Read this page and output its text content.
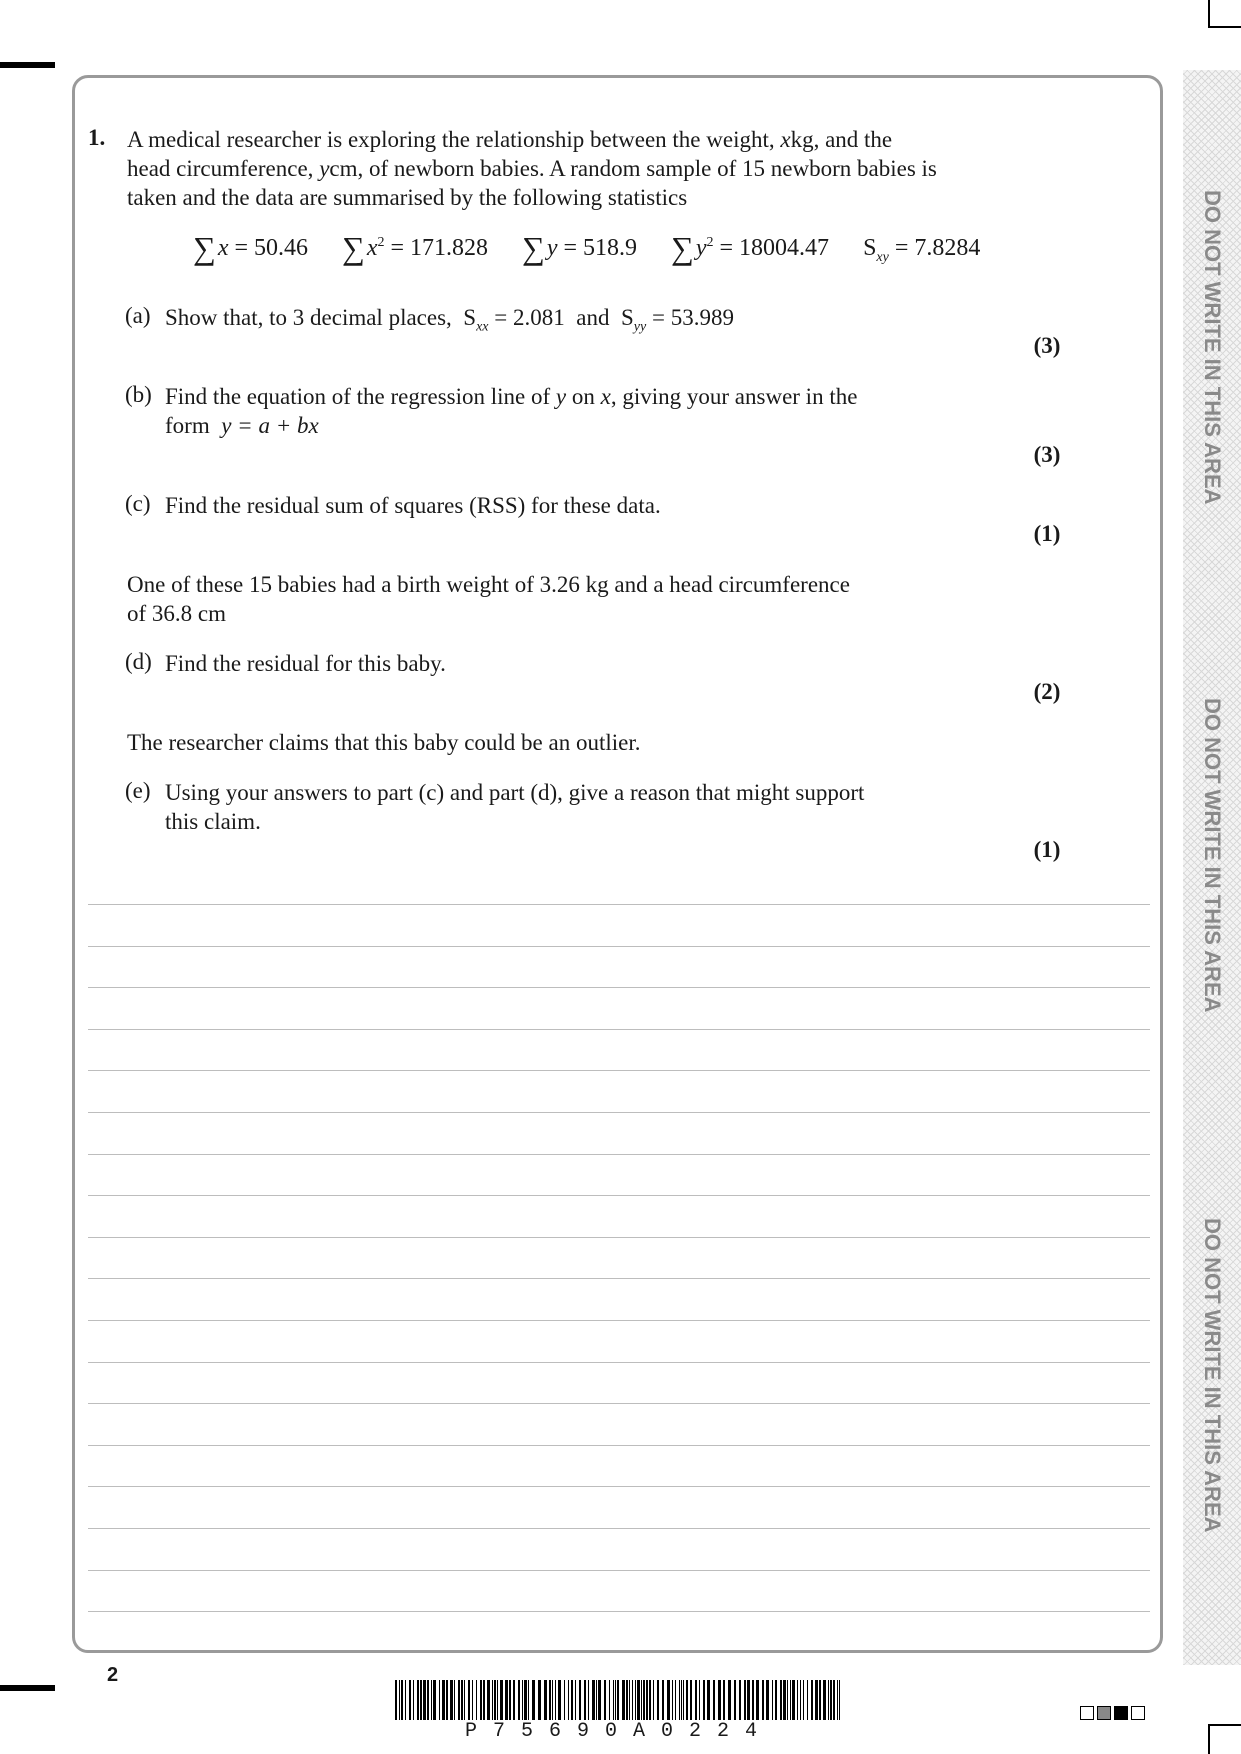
DO NOT WRITE IN THIS AREA
DO NOT WRITE IN THIS AREA
DO NOT WRITE IN THIS AREA
1. A medical researcher is exploring the relationship between the weight, xkg, and the
head circumference, ycm, of newborn babies. A random sample of 15 newborn babies is
taken and the data are summarised by the following statistics
∑x = 50.46 $\sum x^2 = 171.828$ ∑y = 518.9 $\sum y^2 = 18004.47$ $S_{xy} = 7.8284$
(a) Show that, to 3 decimal places,  $S_{xx} = 2.081$ and  $S_{yy} = 53.989$
(3)
(b) Find the equation of the regression line of y on x, giving your answer in the
form y = a + bx
(3)
(c) Find the residual sum of squares (RSS) for these data.
(1)
One of these 15 babies had a birth weight of 3.26 kg and a head circumference
of 36.8 cm
(d) Find the residual for this baby.
(2)
The researcher claims that this baby could be an outlier.
(e) Using your answers to part (c) and part (d), give a reason that might support
this claim.
(1)
2
P75690A0224
